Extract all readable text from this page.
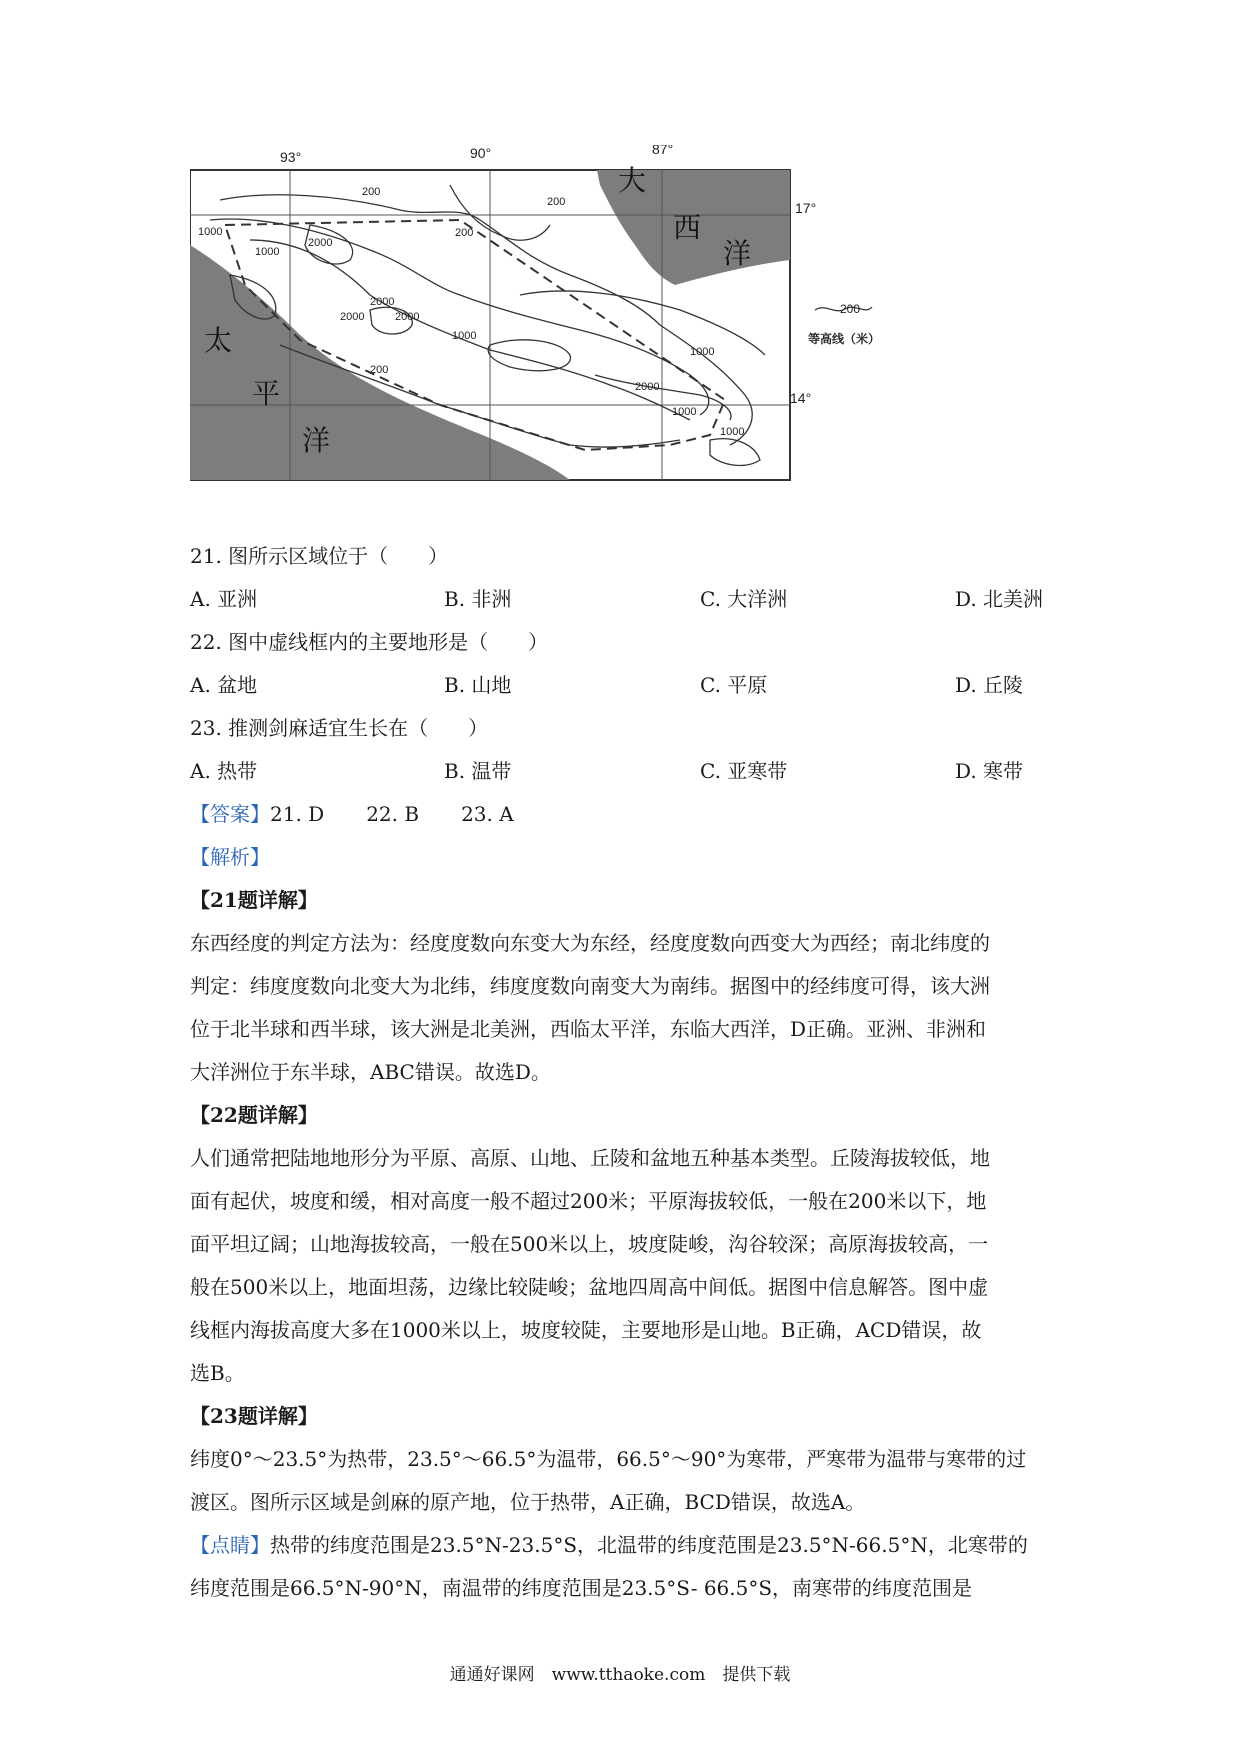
93°	90°	87°
17°
14°
大
西
洋
太
平
洋
200
200
200
1000
1000
2000
2000
2000	2000
1000
1000
200
2000
1000
1000
200
等高线（米）
21. 图所示区域位于（　　）
A. 亚洲	B. 非洲	C. 大洋洲	D. 北美洲
22. 图中虚线框内的主要地形是（　　）
A. 盆地	B. 山地	C. 平原	D. 丘陵
23. 推测剑麻适宜生长在（　　）
A. 热带	B. 温带	C. 亚寒带	D. 寒带
【答案】21. D 22. B 23. A
【解析】
【21题详解】
东西经度的判定方法为：经度度数向东变大为东经，经度度数向西变大为西经；南北纬度的
判定：纬度度数向北变大为北纬，纬度度数向南变大为南纬。据图中的经纬度可得，该大洲
位于北半球和西半球，该大洲是北美洲，西临太平洋，东临大西洋，D正确。亚洲、非洲和
大洋洲位于东半球，ABC错误。故选D。
【22题详解】
人们通常把陆地地形分为平原、高原、山地、丘陵和盆地五种基本类型。丘陵海拔较低，地
面有起伏，坡度和缓，相对高度一般不超过200米；平原海拔较低，一般在200米以下，地
面平坦辽阔；山地海拔较高，一般在500米以上，坡度陡峻，沟谷较深；高原海拔较高，一
般在500米以上，地面坦荡，边缘比较陡峻；盆地四周高中间低。据图中信息解答。图中虚
线框内海拔高度大多在1000米以上，坡度较陡，主要地形是山地。B正确，ACD错误，故
选B。
【23题详解】
纬度0°～23.5°为热带，23.5°～66.5°为温带，66.5°～90°为寒带，严寒带为温带与寒带的过
渡区。图所示区域是剑麻的原产地，位于热带，A正确，BCD错误，故选A。
【点睛】热带的纬度范围是23.5°N-23.5°S，北温带的纬度范围是23.5°N-66.5°N，北寒带的
纬度范围是66.5°N-90°N，南温带的纬度范围是23.5°S- 66.5°S，南寒带的纬度范围是
通通好课网　www.tthaoke.com　提供下载
